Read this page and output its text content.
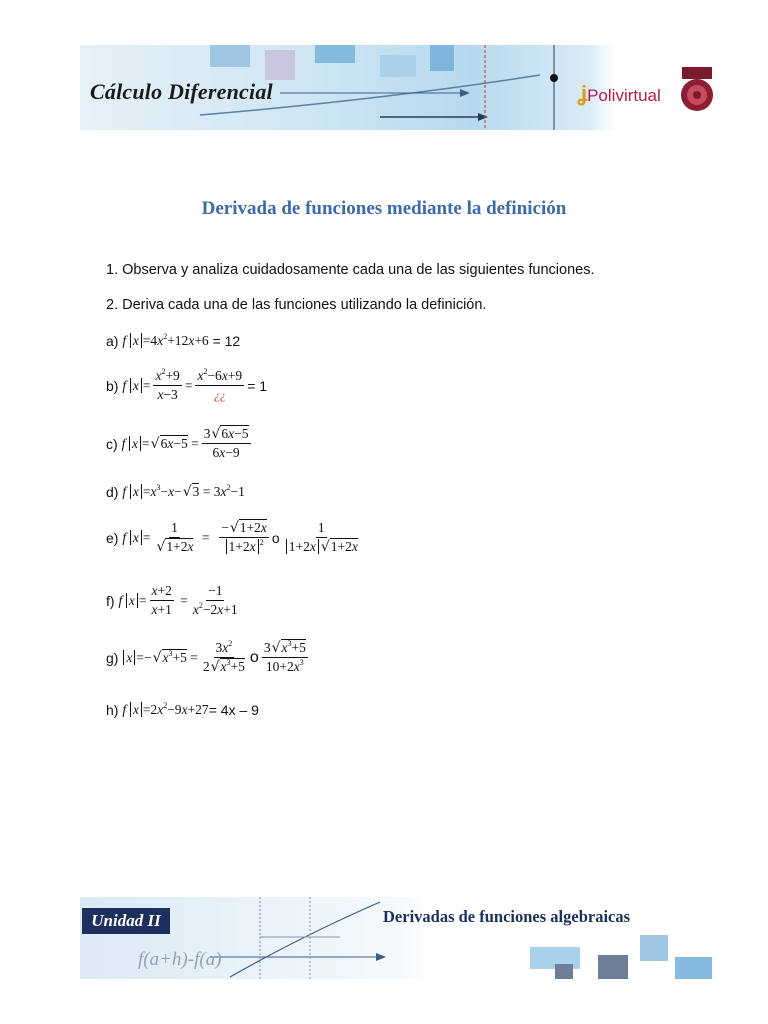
Cálculo Diferencial	ʝPolivirtual
Derivada de funciones mediante la definición
1. Observa y analiza cuidadosamente cada una de las siguientes funciones.
2. Deriva cada una de las funciones utilizando la definición.
a)
f  $x =4x^2+12x+6$
= 12
b)
f  $x = \frac{x^2+9}{x-3} = \frac{x^2-6x+9}{¿¿} = 1$
c)
f  $x =√6x-5 = \frac{3√6x-5}{6x-9}$
d)
f  $x =x^3-x-√3 = 3x^2-1$
e)
f  $x = \frac{1}{√1+2x} = \frac{-√1+2x}{1+2x ^2}$ o $\frac{1}{1+2x √1+2x}$
f)
f  $x = \frac{x+2}{x+1} = \frac{-1}{x^2-2x+1}$
g)
$x =-√x^3+5 = \frac{3x^2}{2√x^3+5}$ o $\frac{3√x^3+5}{10+2x^3}$
h)
f  $x =2x^2-9x+27 = 4x - 9$
Unidad II	Derivadas de funciones algebraicas
f(a+h)-f(a)
